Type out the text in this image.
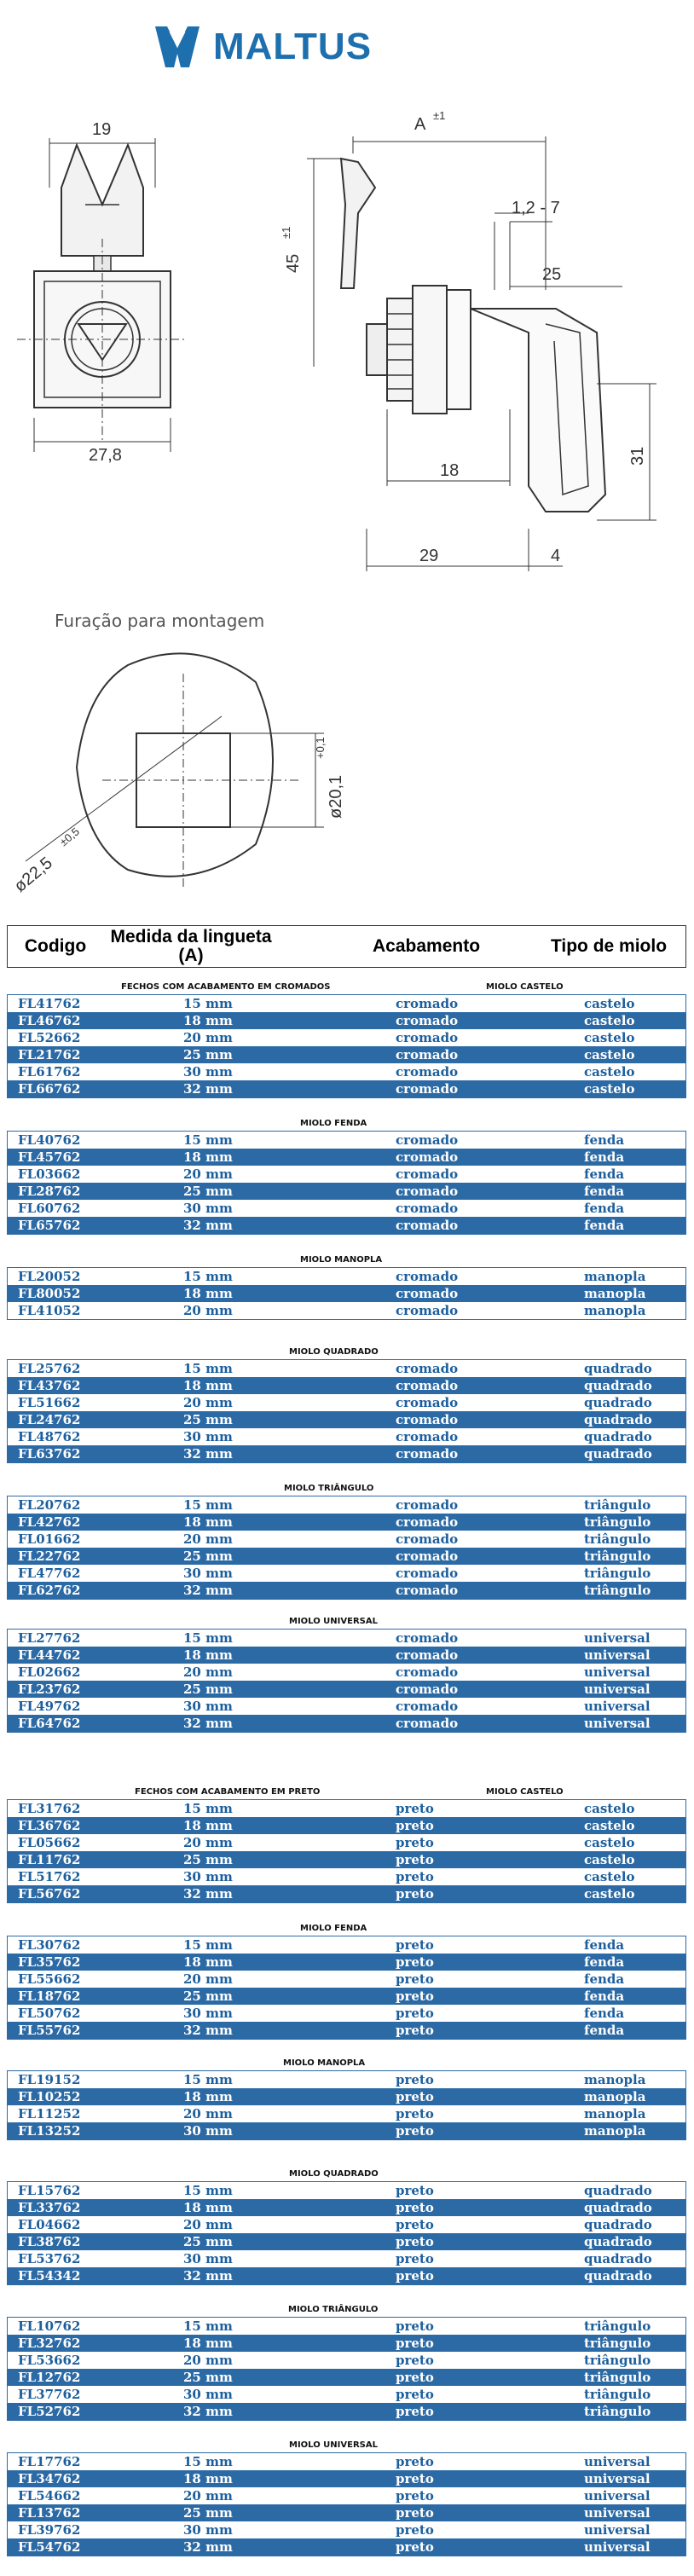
MALTUS
19
27,8
A ±1
45
±1
1,2 - 7
25
31
18
29	4
Furação para montagem
ø20,1
+0,1
ø22,5
±0,5
Codigo	Medida da lingueta (A)	Acabamento	Tipo de miolo
FECHOS COM ACABAMENTO EM CROMADOS	MIOLO CASTELO
FL41762	15 mm	cromado	castelo
FL46762	18 mm	cromado	castelo
FL52662	20 mm	cromado	castelo
FL21762	25 mm	cromado	castelo
FL61762	30 mm	cromado	castelo
FL66762	32 mm	cromado	castelo
MIOLO FENDA
FL40762	15 mm	cromado	fenda
FL45762	18 mm	cromado	fenda
FL03662	20 mm	cromado	fenda
FL28762	25 mm	cromado	fenda
FL60762	30 mm	cromado	fenda
FL65762	32 mm	cromado	fenda
MIOLO MANOPLA
FL20052	15 mm	cromado	manopla
FL80052	18 mm	cromado	manopla
FL41052	20 mm	cromado	manopla
MIOLO QUADRADO
FL25762	15 mm	cromado	quadrado
FL43762	18 mm	cromado	quadrado
FL51662	20 mm	cromado	quadrado
FL24762	25 mm	cromado	quadrado
FL48762	30 mm	cromado	quadrado
FL63762	32 mm	cromado	quadrado
MIOLO TRIÂNGULO
FL20762	15 mm	cromado	triângulo
FL42762	18 mm	cromado	triângulo
FL01662	20 mm	cromado	triângulo
FL22762	25 mm	cromado	triângulo
FL47762	30 mm	cromado	triângulo
FL62762	32 mm	cromado	triângulo
MIOLO UNIVERSAL
FL27762	15 mm	cromado	universal
FL44762	18 mm	cromado	universal
FL02662	20 mm	cromado	universal
FL23762	25 mm	cromado	universal
FL49762	30 mm	cromado	universal
FL64762	32 mm	cromado	universal
FECHOS COM ACABAMENTO EM PRETO	MIOLO CASTELO
FL31762	15 mm	preto	castelo
FL36762	18 mm	preto	castelo
FL05662	20 mm	preto	castelo
FL11762	25 mm	preto	castelo
FL51762	30 mm	preto	castelo
FL56762	32 mm	preto	castelo
MIOLO FENDA
FL30762	15 mm	preto	fenda
FL35762	18 mm	preto	fenda
FL55662	20 mm	preto	fenda
FL18762	25 mm	preto	fenda
FL50762	30 mm	preto	fenda
FL55762	32 mm	preto	fenda
MIOLO MANOPLA
FL19152	15 mm	preto	manopla
FL10252	18 mm	preto	manopla
FL11252	20 mm	preto	manopla
FL13252	30 mm	preto	manopla
MIOLO QUADRADO
FL15762	15 mm	preto	quadrado
FL33762	18 mm	preto	quadrado
FL04662	20 mm	preto	quadrado
FL38762	25 mm	preto	quadrado
FL53762	30 mm	preto	quadrado
FL54342	32 mm	preto	quadrado
MIOLO TRIÂNGULO
FL10762	15 mm	preto	triângulo
FL32762	18 mm	preto	triângulo
FL53662	20 mm	preto	triângulo
FL12762	25 mm	preto	triângulo
FL37762	30 mm	preto	triângulo
FL52762	32 mm	preto	triângulo
MIOLO UNIVERSAL
FL17762	15 mm	preto	universal
FL34762	18 mm	preto	universal
FL54662	20 mm	preto	universal
FL13762	25 mm	preto	universal
FL39762	30 mm	preto	universal
FL54762	32 mm	preto	universal
